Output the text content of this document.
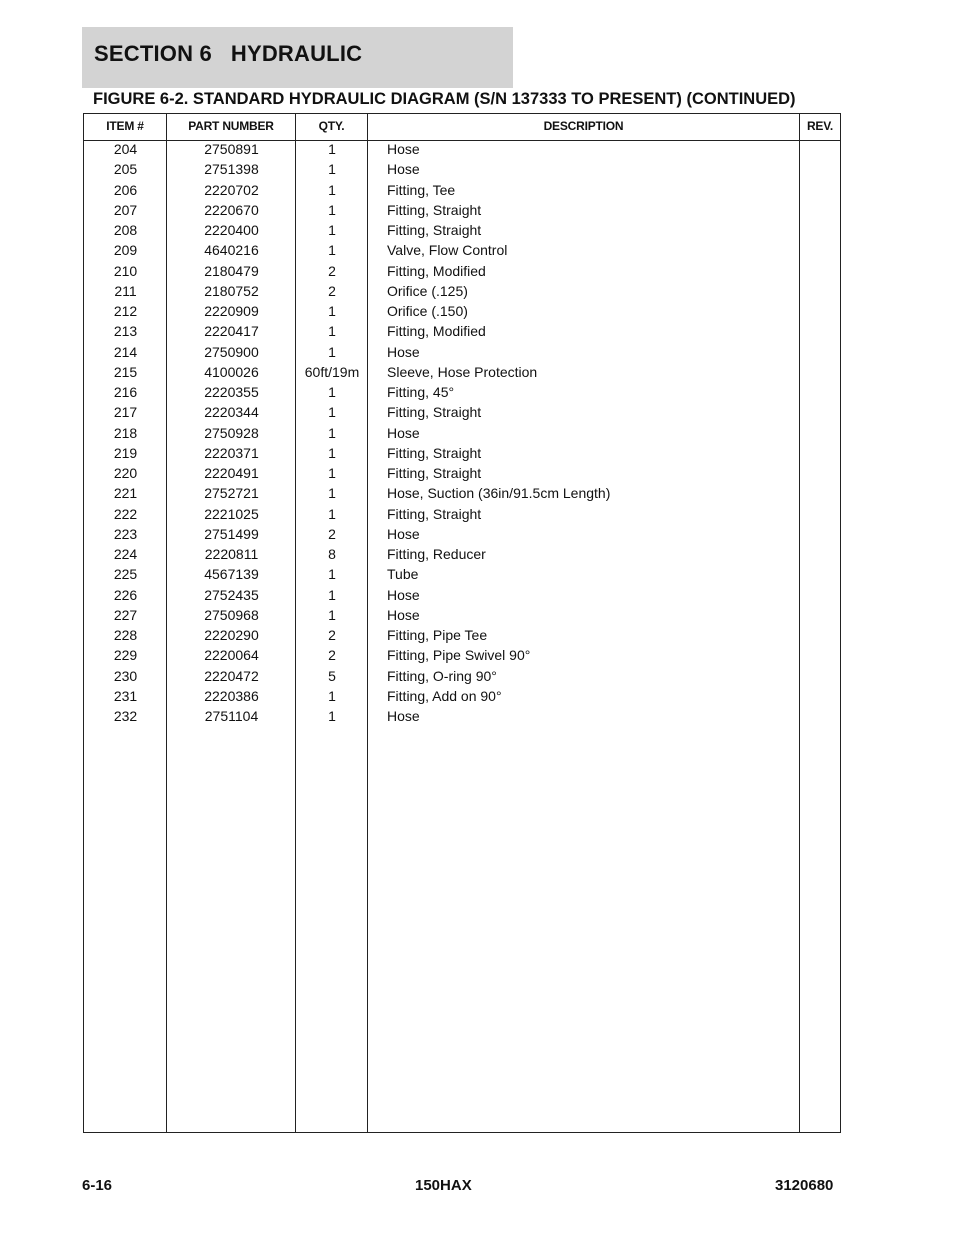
SECTION 6   HYDRAULIC
FIGURE 6-2. STANDARD HYDRAULIC DIAGRAM (S/N 137333 TO PRESENT) (CONTINUED)
ITEM #	PART NUMBER	QTY.	DESCRIPTION	REV.
204	2750891	1	Hose
205	2751398	1	Hose
206	2220702	1	Fitting, Tee
207	2220670	1	Fitting, Straight
208	2220400	1	Fitting, Straight
209	4640216	1	Valve, Flow Control
210	2180479	2	Fitting, Modified
211	2180752	2	Orifice (.125)
212	2220909	1	Orifice (.150)
213	2220417	1	Fitting, Modified
214	2750900	1	Hose
215	4100026	60ft/19m	Sleeve, Hose Protection
216	2220355	1	Fitting, 45°
217	2220344	1	Fitting, Straight
218	2750928	1	Hose
219	2220371	1	Fitting, Straight
220	2220491	1	Fitting, Straight
221	2752721	1	Hose, Suction (36in/91.5cm Length)
222	2221025	1	Fitting, Straight
223	2751499	2	Hose
224	2220811	8	Fitting, Reducer
225	4567139	1	Tube
226	2752435	1	Hose
227	2750968	1	Hose
228	2220290	2	Fitting, Pipe Tee
229	2220064	2	Fitting, Pipe Swivel 90°
230	2220472	5	Fitting, O-ring 90°
231	2220386	1	Fitting, Add on 90°
232	2751104	1	Hose
6-16	150HAX	3120680
